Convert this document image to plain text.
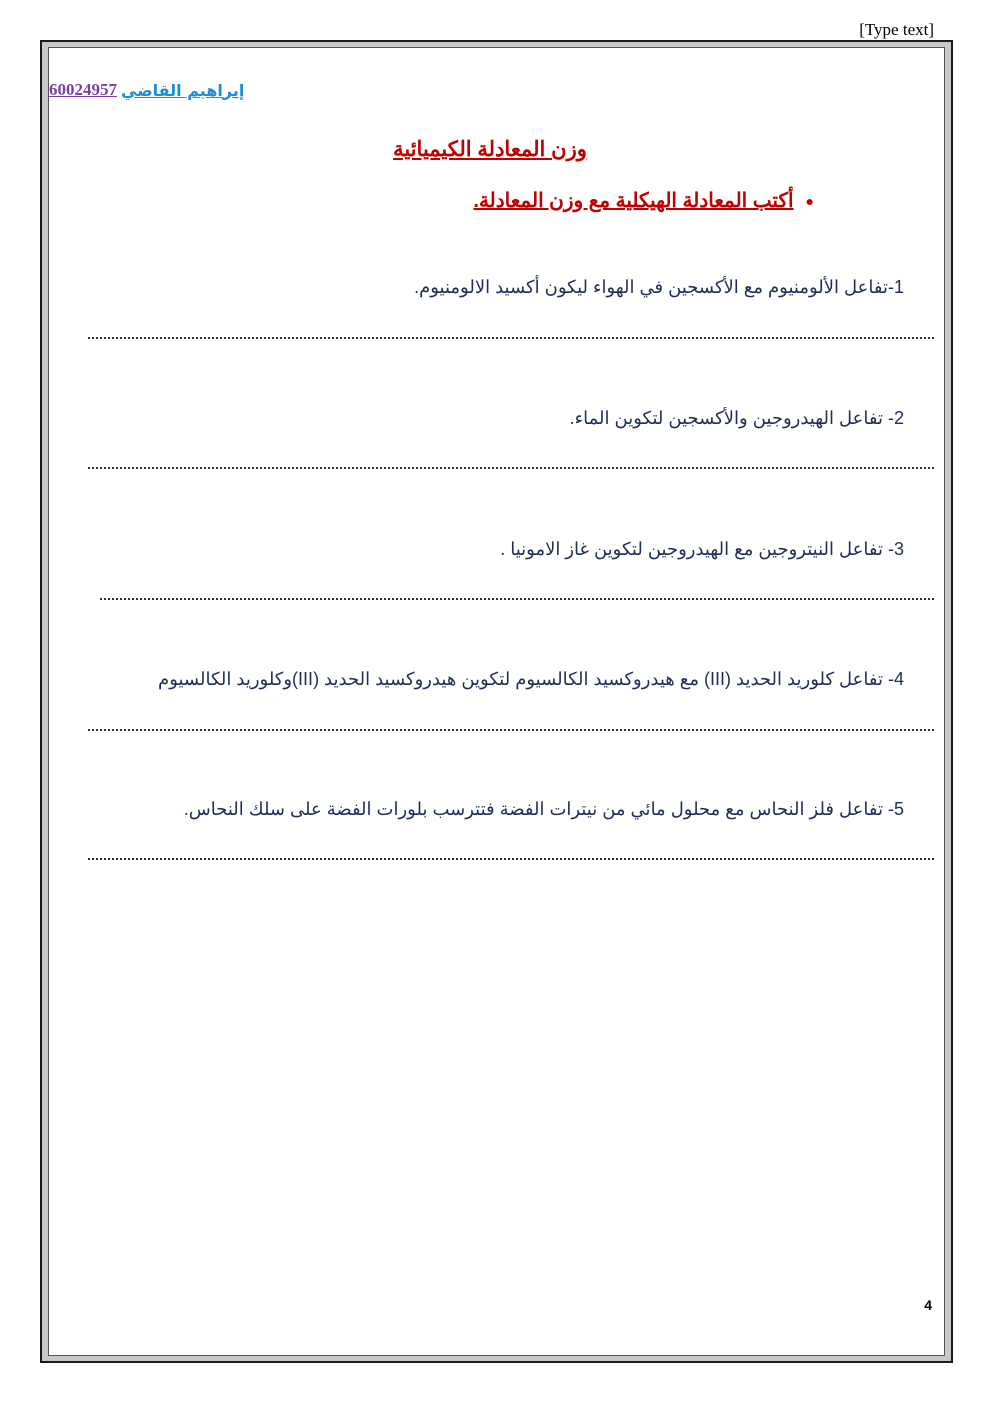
[Type text]
60024957 إبراهيم القاضي
وزن المعادلة الكيميائية
●
أكتب المعادلة الهيكلية مع وزن المعادلة.
1-تفاعل الألومنيوم مع الأكسجين في الهواء ليكون أكسيد الالومنيوم.
2- تفاعل الهيدروجين والأكسجين لتكوين الماء.
3- تفاعل النيتروجين مع الهيدروجين لتكوين غاز الامونيا .
4- تفاعل كلوريد الحديد (III) مع هيدروكسيد الكالسيوم لتكوين هيدروكسيد الحديد (III)وكلوريد الكالسيوم
5- تفاعل فلز النحاس مع محلول مائي من نيترات الفضة فتترسب بلورات الفضة على سلك النحاس.
4
